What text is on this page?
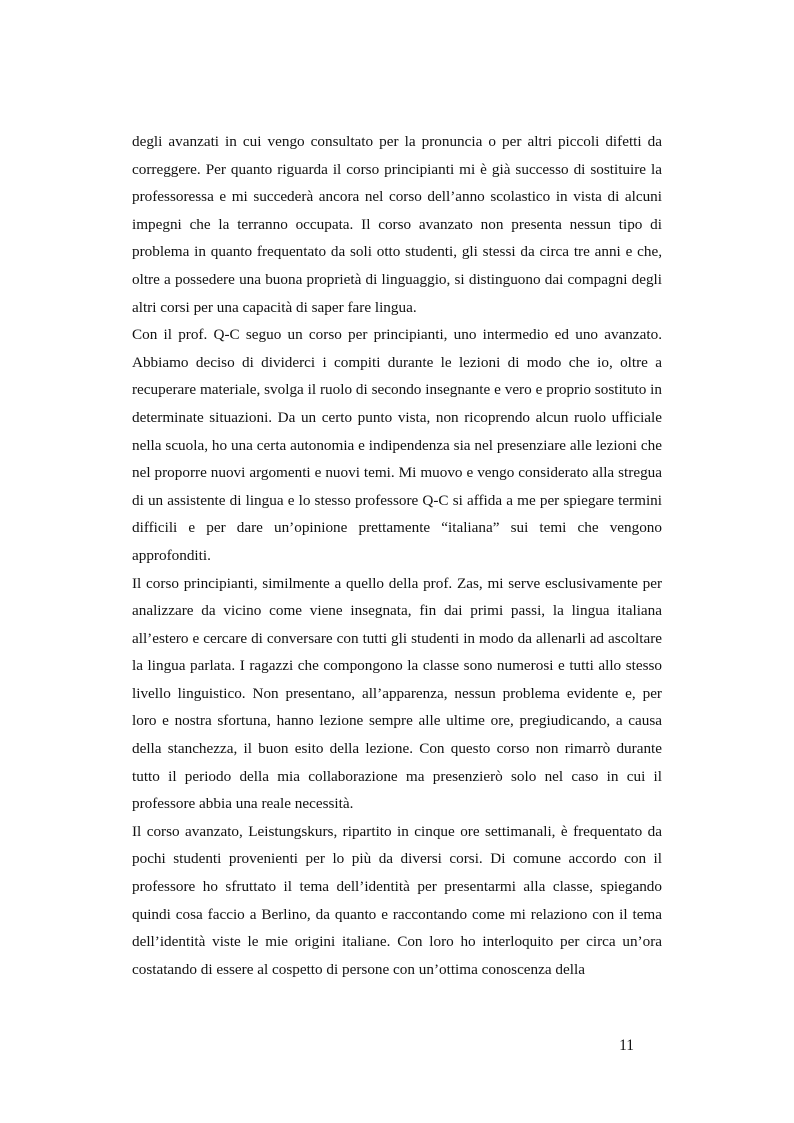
degli avanzati in cui vengo consultato per la pronuncia o per altri piccoli difetti da correggere. Per quanto riguarda il corso principianti mi è già successo di sostituire la professoressa e mi succederà ancora nel corso dell’anno scolastico in vista di alcuni impegni che la terranno occupata. Il corso avanzato non presenta nessun tipo di problema in quanto frequentato da soli otto studenti, gli stessi da circa tre anni e che, oltre a possedere una buona proprietà di linguaggio, si distinguono dai compagni degli altri corsi per una capacità di saper fare lingua.

Con il prof. Q-C seguo un corso per principianti, uno intermedio ed uno avanzato. Abbiamo deciso di dividerci i compiti durante le lezioni di modo che io, oltre a recuperare materiale, svolga il ruolo di secondo insegnante e vero e proprio sostituto in determinate situazioni. Da un certo punto vista, non ricoprendo alcun ruolo ufficiale nella scuola, ho una certa autonomia e indipendenza sia nel presenziare alle lezioni che nel proporre nuovi argomenti e nuovi temi. Mi muovo e vengo considerato alla stregua di un assistente di lingua e lo stesso professore Q-C si affida a me per spiegare termini difficili e per dare un’opinione prettamente “italiana” sui temi che vengono approfonditi.

Il corso principianti, similmente a quello della prof. Zas, mi serve esclusivamente per analizzare da vicino come viene insegnata, fin dai primi passi, la lingua italiana all’estero e cercare di conversare con tutti gli studenti in modo da allenarli ad ascoltare la lingua parlata. I ragazzi che compongono la classe sono numerosi e tutti allo stesso livello linguistico. Non presentano, all’apparenza, nessun problema evidente e, per loro e nostra sfortuna, hanno lezione sempre alle ultime ore, pregiudicando, a causa della stanchezza, il buon esito della lezione. Con questo corso non rimarrò durante tutto il periodo della mia collaborazione ma presenzierò solo nel caso in cui il professore abbia una reale necessità.

Il corso avanzato, Leistungskurs, ripartito in cinque ore settimanali, è frequentato da pochi studenti provenienti per lo più da diversi corsi. Di comune accordo con il professore ho sfruttato il tema dell’identità per presentarmi alla classe, spiegando quindi cosa faccio a Berlino, da quanto e raccontando come mi relaziono con il tema dell’identità viste le mie origini italiane. Con loro ho interloquito per circa un’ora costatando di essere al cospetto di persone con un’ottima conoscenza della

11
